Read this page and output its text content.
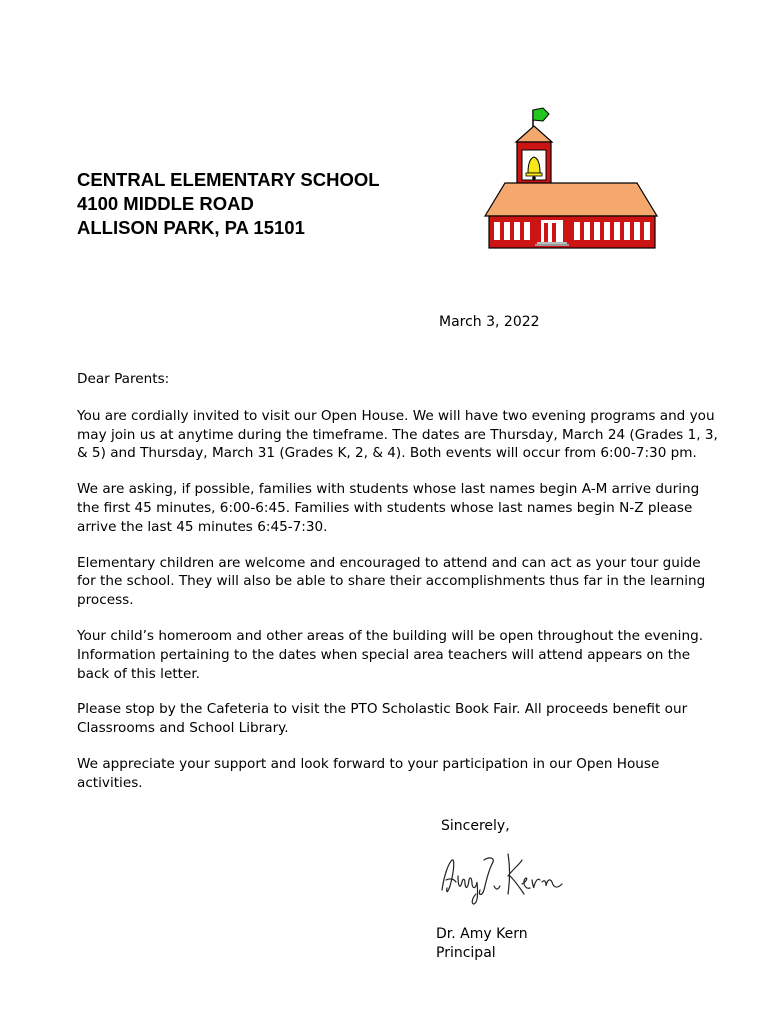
CENTRAL ELEMENTARY SCHOOL
4100 MIDDLE ROAD
ALLISON PARK, PA 15101
March 3, 2022

Dear Parents:

You are cordially invited to visit our Open House. We will have two evening programs and you may join us at anytime during the timeframe. The dates are Thursday, March 24 (Grades 1, 3, & 5) and Thursday, March 31 (Grades K, 2, & 4). Both events will occur from 6:00-7:30 pm.

We are asking, if possible, families with students whose last names begin A-M arrive during the first 45 minutes, 6:00-6:45. Families with students whose last names begin N-Z please arrive the last 45 minutes 6:45-7:30.

Elementary children are welcome and encouraged to attend and can act as your tour guide for the school. They will also be able to share their accomplishments thus far in the learning process.

Your child’s homeroom and other areas of the building will be open throughout the evening. Information pertaining to the dates when special area teachers will attend appears on the back of this letter.

Please stop by the Cafeteria to visit the PTO Scholastic Book Fair. All proceeds benefit our Classrooms and School Library.

We appreciate your support and look forward to your participation in our Open House activities.

Sincerely,
Dr. Amy Kern
Principal
